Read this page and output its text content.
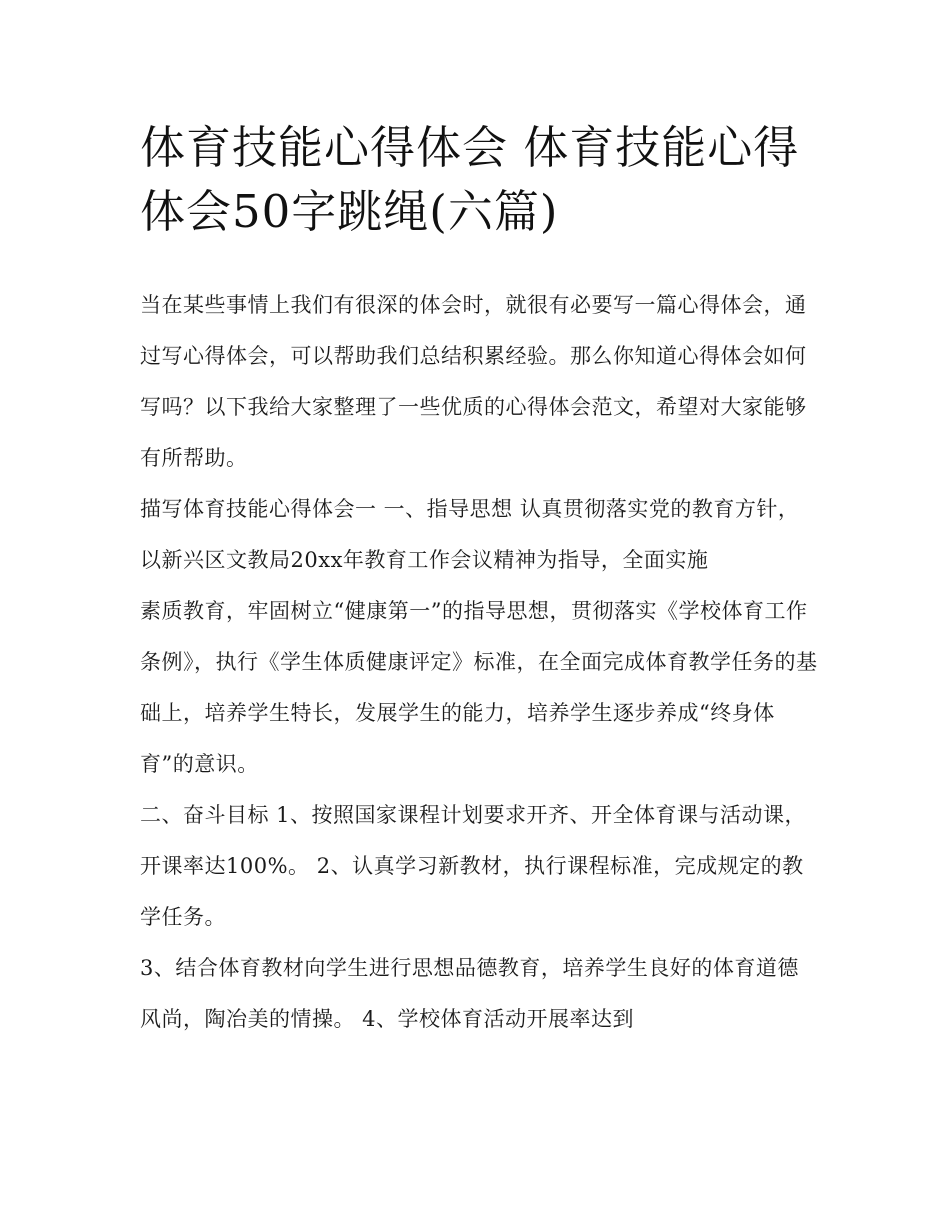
体育技能心得体会 体育技能心得体会50字跳绳(六篇)

当在某些事情上我们有很深的体会时，就很有必要写一篇心得体会，通过写心得体会，可以帮助我们总结积累经验。那么你知道心得体会如何写吗？以下我给大家整理了一些优质的心得体会范文，希望对大家能够有所帮助。

描写体育技能心得体会一 一、指导思想 认真贯彻落实党的教育方针，以新兴区文教局20xx年教育工作会议精神为指导，全面实施

素质教育，牢固树立“健康第一”的指导思想，贯彻落实《学校体育工作条例》，执行《学生体质健康评定》标准，在全面完成体育教学任务的基础上，培养学生特长，发展学生的能力，培养学生逐步养成“终身体育”的意识。

二、奋斗目标 1、按照国家课程计划要求开齐、开全体育课与活动课，开课率达100%。 2、认真学习新教材，执行课程标准，完成规定的教学任务。

3、结合体育教材向学生进行思想品德教育，培养学生良好的体育道德风尚，陶冶美的情操。 4、学校体育活动开展率达到
